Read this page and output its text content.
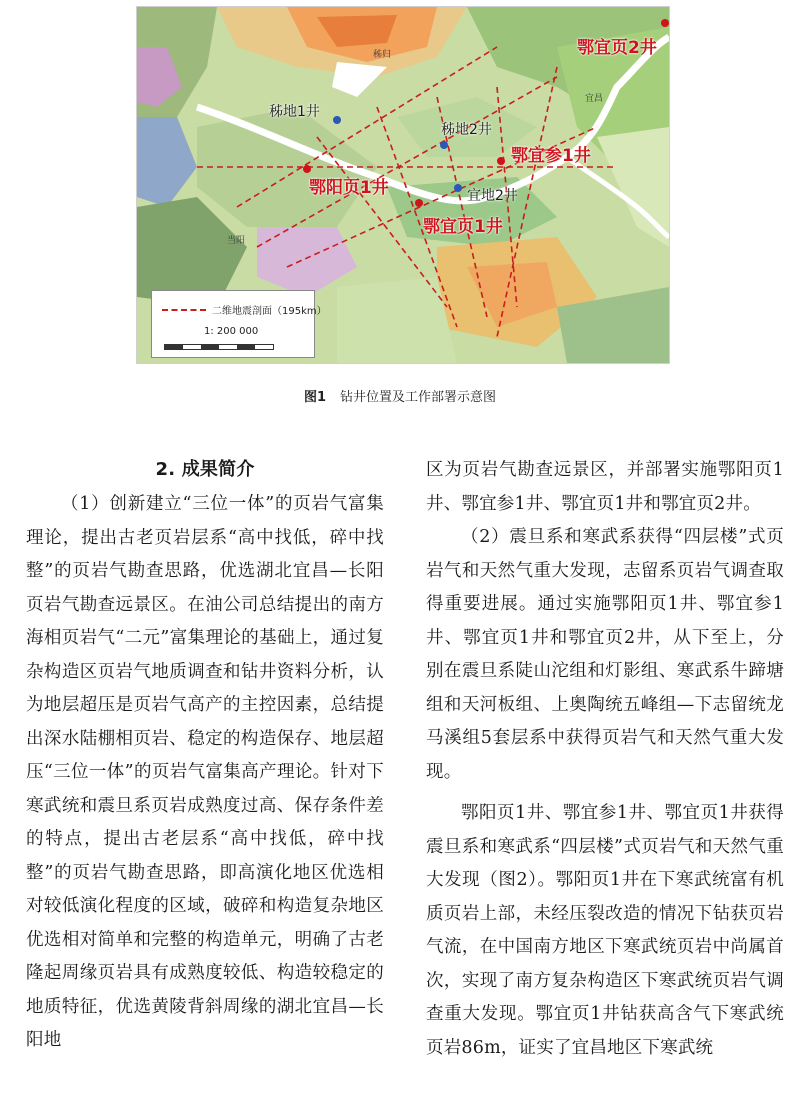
秭归
宜昌
当阳
鄂宜页2井
秭地1井
秭地2井
鄂宜参1井
鄂阳页1井	宜地2井
鄂宜页1井
二维地震剖面（195km）
1: 200 000
图1 钻井位置及工作部署示意图
2. 成果简介

（1）创新建立“三位一体”的页岩气富集理论，提出古老页岩层系“高中找低，碎中找整”的页岩气勘查思路，优选湖北宜昌—长阳页岩气勘查远景区。在油公司总结提出的南方海相页岩气“二元”富集理论的基础上，通过复杂构造区页岩气地质调查和钻井资料分析，认为地层超压是页岩气高产的主控因素，总结提出深水陆棚相页岩、稳定的构造保存、地层超压“三位一体”的页岩气富集高产理论。针对下寒武统和震旦系页岩成熟度过高、保存条件差的特点，提出古老层系“高中找低，碎中找整”的页岩气勘查思路，即高演化地区优选相对较低演化程度的区域，破碎和构造复杂地区优选相对简单和完整的构造单元，明确了古老隆起周缘页岩具有成熟度较低、构造较稳定的地质特征，优选黄陵背斜周缘的湖北宜昌—长阳地

区为页岩气勘查远景区，并部署实施鄂阳页1井、鄂宜参1井、鄂宜页1井和鄂宜页2井。

（2）震旦系和寒武系获得“四层楼”式页岩气和天然气重大发现，志留系页岩气调查取得重要进展。通过实施鄂阳页1井、鄂宜参1井、鄂宜页1井和鄂宜页2井，从下至上，分别在震旦系陡山沱组和灯影组、寒武系牛蹄塘组和天河板组、上奥陶统五峰组—下志留统龙马溪组5套层系中获得页岩气和天然气重大发现。

鄂阳页1井、鄂宜参1井、鄂宜页1井获得震旦系和寒武系“四层楼”式页岩气和天然气重大发现（图2）。鄂阳页1井在下寒武统富有机质页岩上部，未经压裂改造的情况下钻获页岩气流，在中国南方地区下寒武统页岩中尚属首次，实现了南方复杂构造区下寒武统页岩气调查重大发现。鄂宜页1井钻获高含气下寒武统页岩86m，证实了宜昌地区下寒武统
